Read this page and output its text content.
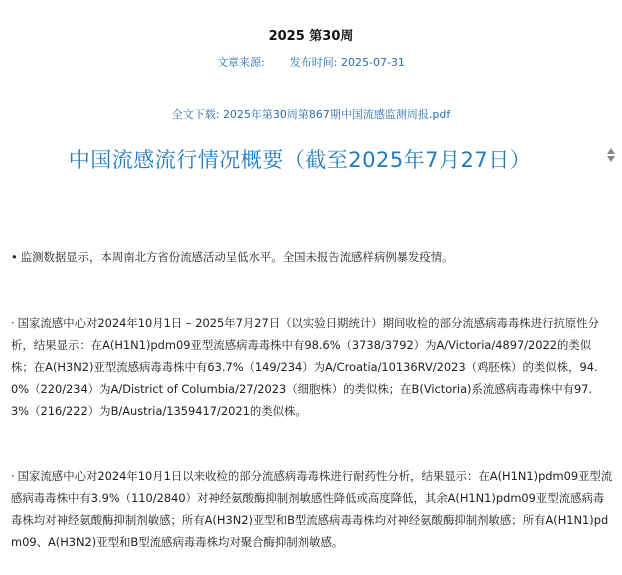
2025 第30周
文章来源: 发布时间: 2025-07-31
全文下载: 2025年第30周第867期中国流感监测周报.pdf
中国流感流行情况概要（截至2025年7月27日）
• 监测数据显示，本周南北方省份流感活动呈低水平。全国未报告流感样病例暴发疫情。
· 国家流感中心对2024年10月1日 – 2025年7月27日（以实验日期统计）期间收检的部分流感病毒毒株进行抗原性分析，结果显示：在A(H1N1)pdm09亚型流感病毒毒株中有98.6%（3738/3792）为A/Victoria/4897/2022的类似株；在A(H3N2)亚型流感病毒毒株中有63.7%（149/234）为A/Croatia/10136RV/2023（鸡胚株）的类似株，94.0%（220/234）为A/District of Columbia/27/2023（细胞株）的类似株；在B(Victoria)系流感病毒毒株中有97.3%（216/222）为B/Austria/1359417/2021的类似株。
· 国家流感中心对2024年10月1日以来收检的部分流感病毒毒株进行耐药性分析，结果显示：在A(H1N1)pdm09亚型流感病毒毒株中有3.9%（110/2840）对神经氨酸酶抑制剂敏感性降低或高度降低，其余A(H1N1)pdm09亚型流感病毒毒株均对神经氨酸酶抑制剂敏感；所有A(H3N2)亚型和B型流感病毒毒株均对神经氨酸酶抑制剂敏感；所有A(H1N1)pdm09、A(H3N2)亚型和B型流感病毒毒株均对聚合酶抑制剂敏感。
